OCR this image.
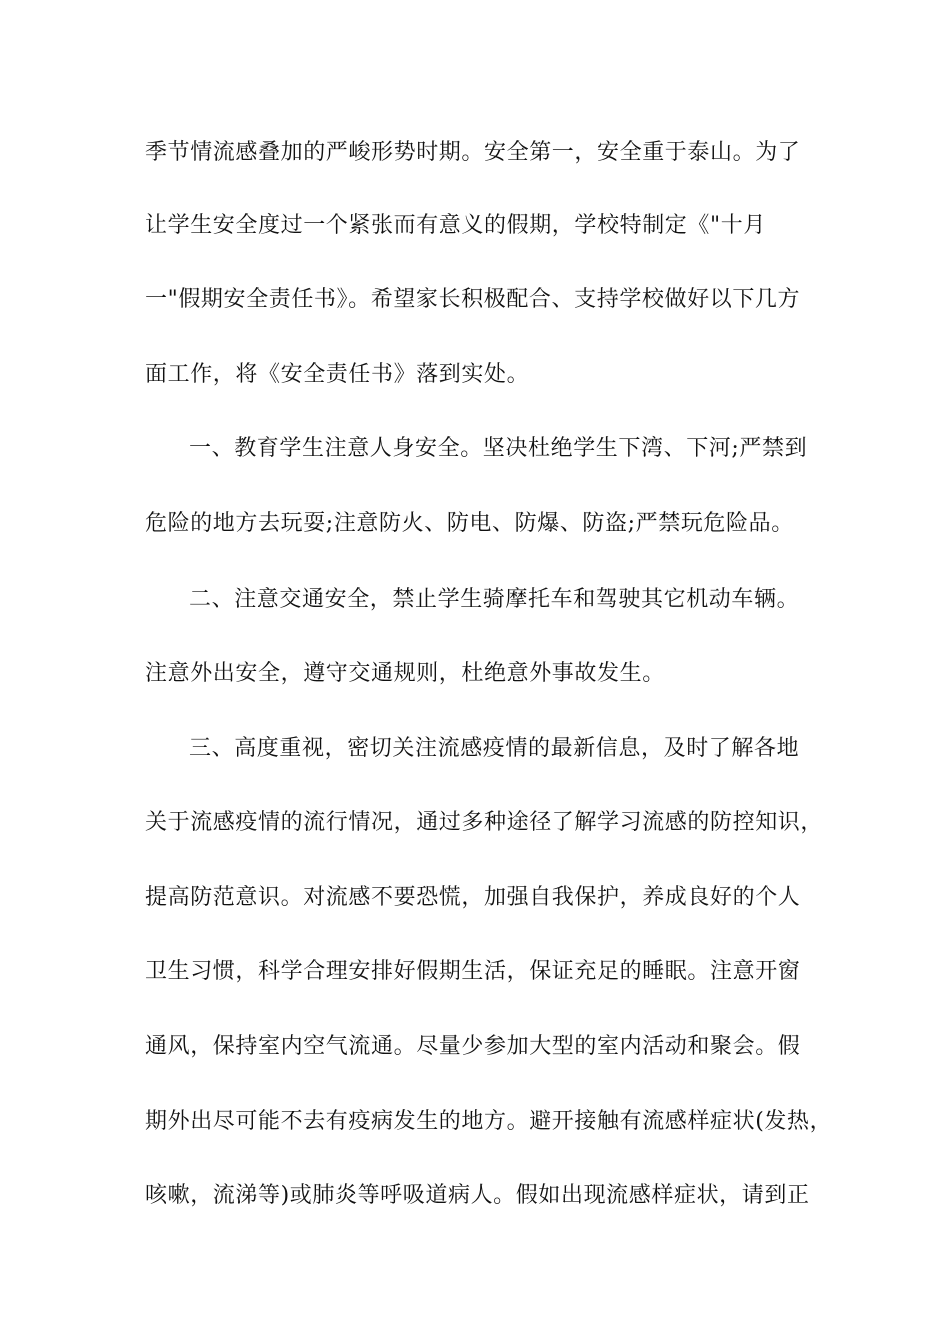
季节情流感叠加的严峻形势时期。安全第一，安全重于泰山。为了
让学生安全度过一个紧张而有意义的假期，学校特制定《"十月
一"假期安全责任书》。希望家长积极配合、支持学校做好以下几方
面工作，将《安全责任书》落到实处。
一、教育学生注意人身安全。坚决杜绝学生下湾、下河;严禁到
危险的地方去玩耍;注意防火、防电、防爆、防盗;严禁玩危险品。
二、注意交通安全，禁止学生骑摩托车和驾驶其它机动车辆。
注意外出安全，遵守交通规则，杜绝意外事故发生。
三、高度重视，密切关注流感疫情的最新信息，及时了解各地
关于流感疫情的流行情况，通过多种途径了解学习流感的防控知识，
提高防范意识。对流感不要恐慌，加强自我保护，养成良好的个人
卫生习惯，科学合理安排好假期生活，保证充足的睡眠。注意开窗
通风，保持室内空气流通。尽量少参加大型的室内活动和聚会。假
期外出尽可能不去有疫病发生的地方。避开接触有流感样症状(发热，
咳嗽，流涕等)或肺炎等呼吸道病人。假如出现流感样症状，请到正
